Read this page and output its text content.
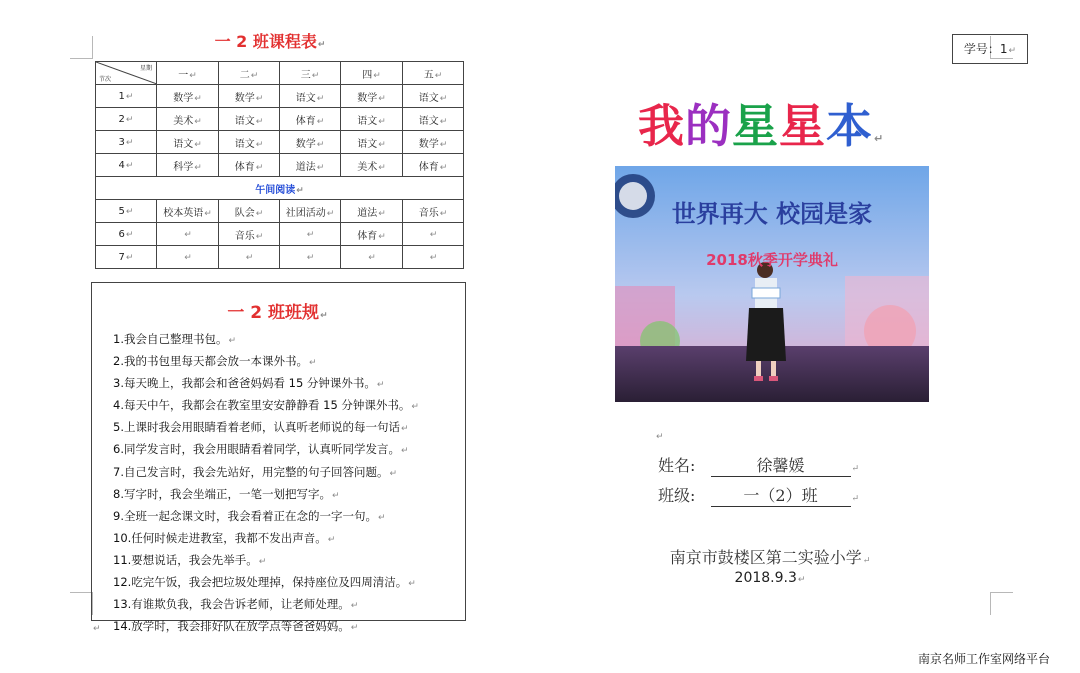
一 2 班课程表↵
星期
节次	一↵	二↵	三↵	四↵	五↵
1↵	数学↵	数学↵	语文↵	数学↵	语文↵
2↵	美术↵	语文↵	体育↵	语文↵	语文↵
3↵	语文↵	语文↵	数学↵	语文↵	数学↵
4↵	科学↵	体育↵	道法↵	美术↵	体育↵
午间阅读↵					
5↵	校本英语↵	队会↵	社团活动↵	道法↵	音乐↵
6↵	↵	音乐↵	↵	体育↵	↵
7↵	↵	↵	↵	↵	↵
一 2 班班规↵
1.我会自己整理书包。↵
2.我的书包里每天都会放一本课外书。↵
3.每天晚上，我都会和爸爸妈妈看 15 分钟课外书。↵
4.每天中午，我都会在教室里安安静静看 15 分钟课外书。↵
5.上课时我会用眼睛看着老师，认真听老师说的每一句话↵
6.同学发言时，我会用眼睛看着同学，认真听同学发言。↵
7.自己发言时，我会先站好，用完整的句子回答问题。↵
8.写字时，我会坐端正，一笔一划把写字。↵
9.全班一起念课文时，我会看着正在念的一字一句。↵
10.任何时候走进教室，我都不发出声音。↵
11.要想说话，我会先举手。↵
12.吃完午饭，我会把垃圾处理掉，保持座位及四周清洁。↵
13.有谁欺负我，我会告诉老师，让老师处理。↵
14.放学时，我会排好队在放学点等爸爸妈妈。↵
↵
学号：1↵
我的星星本↵
世界再大 校园是家
2018秋季开学典礼
↵
姓名:	徐馨媛	↵
班级:	一（2）班	↵
南京市鼓楼区第二实验小学↵
2018.9.3↵
南京名师工作室网络平台
